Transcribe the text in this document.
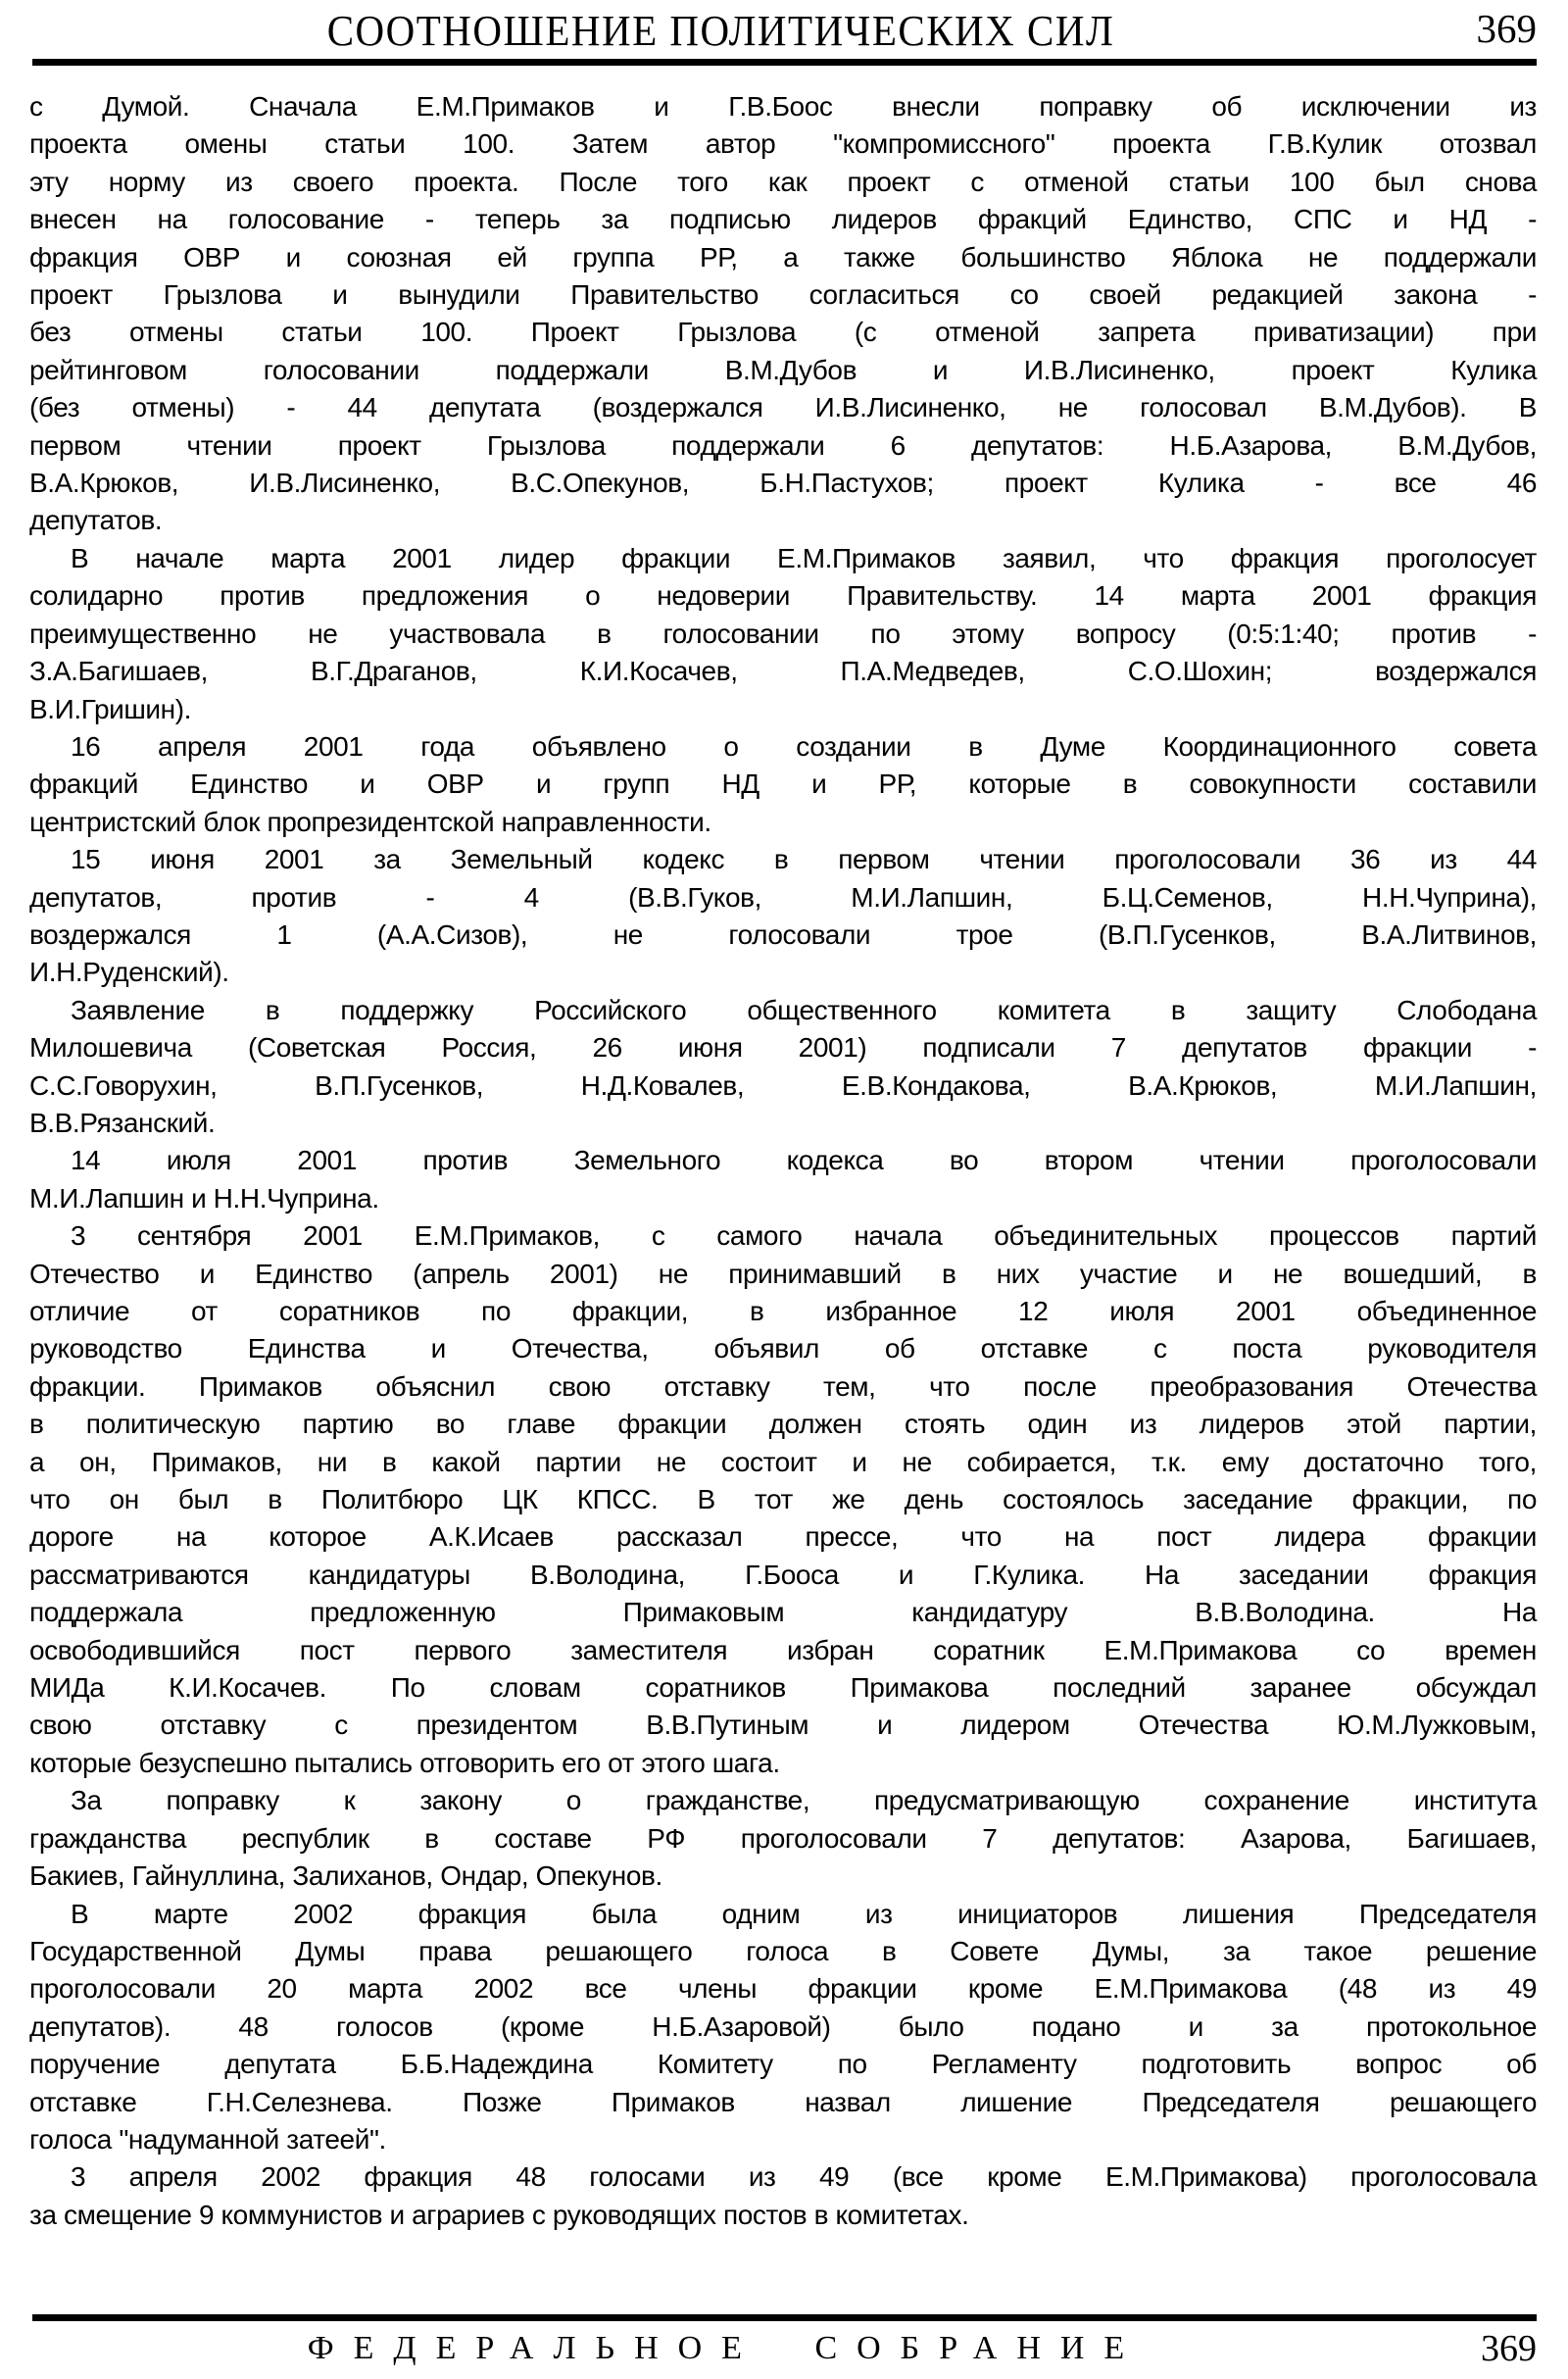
СООТНОШЕНИЕ ПОЛИТИЧЕСКИХ СИЛ	369
с Думой. Сначала Е.М.Примаков и Г.В.Боос внесли поправку об исключении из
проекта омены статьи 100. Затем автор "компромиссного" проекта Г.В.Кулик отозвал
эту норму из своего проекта. После того как проект с отменой статьи 100 был снова
внесен на голосование - теперь за подписью лидеров фракций Единство, СПС и НД -
фракция ОВР и союзная ей группа РР, а также большинство Яблока не поддержали
проект Грызлова и вынудили Правительство согласиться со своей редакцией закона -
без отмены статьи 100. Проект Грызлова (с отменой запрета приватизации) при
рейтинговом голосовании поддержали В.М.Дубов и И.В.Лисиненко, проект Кулика
(без отмены) - 44 депутата (воздержался И.В.Лисиненко, не голосовал В.М.Дубов). В
первом чтении проект Грызлова поддержали 6 депутатов: Н.Б.Азарова, В.М.Дубов,
В.А.Крюков, И.В.Лисиненко, В.С.Опекунов, Б.Н.Пастухов; проект Кулика - все 46
депутатов.
В начале марта 2001 лидер фракции Е.М.Примаков заявил, что фракция проголосует
солидарно против предложения о недоверии Правительству. 14 марта 2001 фракция
преимущественно не участвовала в голосовании по этому вопросу (0:5:1:40; против -
З.А.Багишаев, В.Г.Драганов, К.И.Косачев, П.А.Медведев, С.О.Шохин; воздержался
В.И.Гришин).
16 апреля 2001 года объявлено о создании в Думе Координационного совета
фракций Единство и ОВР и групп НД и РР, которые в совокупности составили
центристский блок пропрезидентской направленности.
15 июня 2001 за Земельный кодекс в первом чтении проголосовали 36 из 44
депутатов, против - 4 (В.В.Гуков, М.И.Лапшин, Б.Ц.Семенов, Н.Н.Чуприна),
воздержался 1 (А.А.Сизов), не голосовали трое (В.П.Гусенков, В.А.Литвинов,
И.Н.Руденский).
Заявление в поддержку Российского общественного комитета в защиту Слободана
Милошевича (Советская Россия, 26 июня 2001) подписали 7 депутатов фракции -
С.С.Говорухин, В.П.Гусенков, Н.Д.Ковалев, Е.В.Кондакова, В.А.Крюков, М.И.Лапшин,
В.В.Рязанский.
14 июля 2001 против Земельного кодекса во втором чтении проголосовали
М.И.Лапшин и Н.Н.Чуприна.
3 сентября 2001 Е.М.Примаков, с самого начала объединительных процессов партий
Отечество и Единство (апрель 2001) не принимавший в них участие и не вошедший, в
отличие от соратников по фракции, в избранное 12 июля 2001 объединенное
руководство Единства и Отечества, объявил об отставке с поста руководителя
фракции. Примаков объяснил свою отставку тем, что после преобразования Отечества
в политическую партию во главе фракции должен стоять один из лидеров этой партии,
а он, Примаков, ни в какой партии не состоит и не собирается, т.к. ему достаточно того,
что он был в Политбюро ЦК КПСС. В тот же день состоялось заседание фракции, по
дороге на которое А.К.Исаев рассказал прессе, что на пост лидера фракции
рассматриваются кандидатуры В.Володина, Г.Бооса и Г.Кулика. На заседании фракция
поддержала предложенную Примаковым кандидатуру В.В.Володина. На
освободившийся пост первого заместителя избран соратник Е.М.Примакова со времен
МИДа К.И.Косачев. По словам соратников Примакова последний заранее обсуждал
свою отставку с президентом В.В.Путиным и лидером Отечества Ю.М.Лужковым,
которые безуспешно пытались отговорить его от этого шага.
За поправку к закону о гражданстве, предусматривающую сохранение института
гражданства республик в составе РФ проголосовали 7 депутатов: Азарова, Багишаев,
Бакиев, Гайнуллина, Залиханов, Ондар, Опекунов.
В марте 2002 фракция была одним из инициаторов лишения Председателя
Государственной Думы права решающего голоса в Совете Думы, за такое решение
проголосовали 20 марта 2002 все члены фракции кроме Е.М.Примакова (48 из 49
депутатов). 48 голосов (кроме Н.Б.Азаровой) было подано и за протокольное
поручение депутата Б.Б.Надеждина Комитету по Регламенту подготовить вопрос об
отставке Г.Н.Селезнева. Позже Примаков назвал лишение Председателя решающего
голоса "надуманной затеей".
3 апреля 2002 фракция 48 голосами из 49 (все кроме Е.М.Примакова) проголосовала
за смещение 9 коммунистов и аграриев с руководящих постов в комитетах.
ФЕДЕРАЛЬНОЕ СОБРАНИЕ	369
